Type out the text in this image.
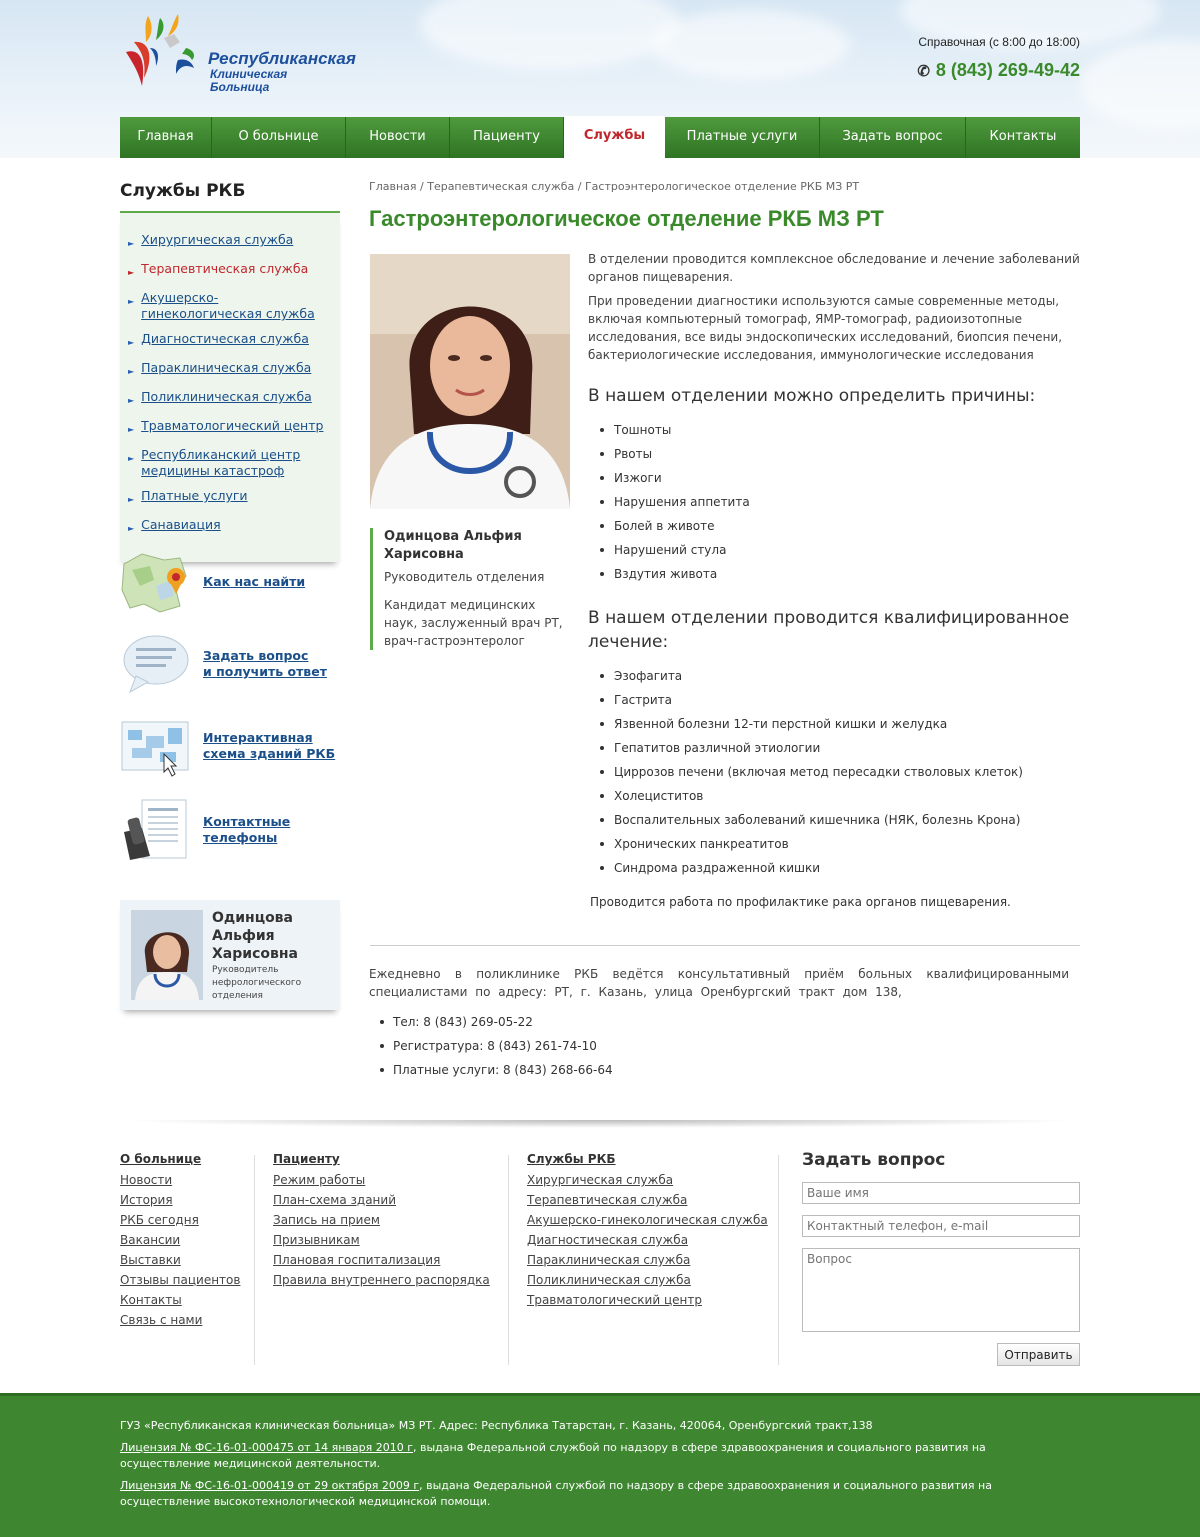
Республиканская
Клиническая
Больница
Справочная (с 8:00 до 18:00)
✆ 8 (843) 269-49-42
Главная	О больнице	Новости	Пациенту	Службы	Платные услуги	Задать вопрос	Контакты
Службы РКБ
► Хирургическая служба
► Терапевтическая служба
► Акушерско-гинекологическая служба
► Диагностическая служба
► Параклиническая служба
► Поликлиническая служба
► Травматологический центр
► Республиканский центр медицины катастроф
► Платные услуги
► Санавиация
Как нас найти
Задать вопрос
и получить ответ
Интерактивная
схема зданий РКБ
Контактные
телефоны
Одинцова Альфия Харисовна
Руководитель нефрологического отделения
Главная / Терапевтическая служба / Гастроэнтерологическое отделение РКБ МЗ РТ
Гастроэнтерологическое отделение РКБ МЗ РТ
Одинцова Альфия Харисовна
Руководитель отделения
Кандидат медицинских наук, заслуженный врач РТ, врач-гастроэнтеролог

В отделении проводится комплексное обследование и лечение заболеваний органов пищеварения.

При проведении диагностики используются самые современные методы, включая компьютерный томограф, ЯМР-томограф, радиоизотопные исследования, все виды эндоскопических исследований, биопсия печени, бактериологические исследования, иммунологические исследования

В нашем отделении можно определить причины:
Тошноты
Рвоты
Изжоги
Нарушения аппетита
Болей в животе
Нарушений стула
Вздутия живота
В нашем отделении проводится квалифицированное лечение:
Эзофагита
Гастрита
Язвенной болезни 12-ти перстной кишки и желудка
Гепатитов различной этиологии
Циррозов печени (включая метод пересадки стволовых клеток)
Холециститов
Воспалительных заболеваний кишечника (НЯК, болезнь Крона)
Хронических панкреатитов
Синдрома раздраженной кишки
Проводится работа по профилактике рака органов пищеварения.
Ежедневно в поликлинике РКБ ведётся консультативный приём больных квалифицированными специалистами по адресу: РТ, г. Казань, улица Оренбургский тракт дом 138,
Тел: 8 (843) 269-05-22
Регистратура: 8 (843) 261-74-10
Платные услуги: 8 (843) 268-66-64
О больнице
Новости
История
РКБ сегодня
Вакансии
Выставки
Отзывы пациентов
Контакты
Связь с нами
Пациенту
Режим работы
План-схема зданий
Запись на прием
Призывникам
Плановая госпитализация
Правила внутреннего распорядка
Службы РКБ
Хирургическая служба
Терапевтическая служба
Акушерско-гинекологическая служба
Диагностическая служба
Параклиническая служба
Поликлиническая служба
Травматологический центр
Задать вопрос
Ваше имя
Контактный телефон, e-mail
Вопрос
Отправить
ГУЗ «Республиканская клиническая больница» МЗ РТ. Адрес: Республика Татарстан, г. Казань, 420064, Оренбургский тракт,138
Лицензия № ФС-16-01-000475 от 14 января 2010 г, выдана Федеральной службой по надзору в сфере здравоохранения и социального развития на осуществление медицинской деятельности.
Лицензия № ФС-16-01-000419 от 29 октября 2009 г, выдана Федеральной службой по надзору в сфере здравоохранения и социального развития на осуществление высокотехнологической медицинской помощи.
